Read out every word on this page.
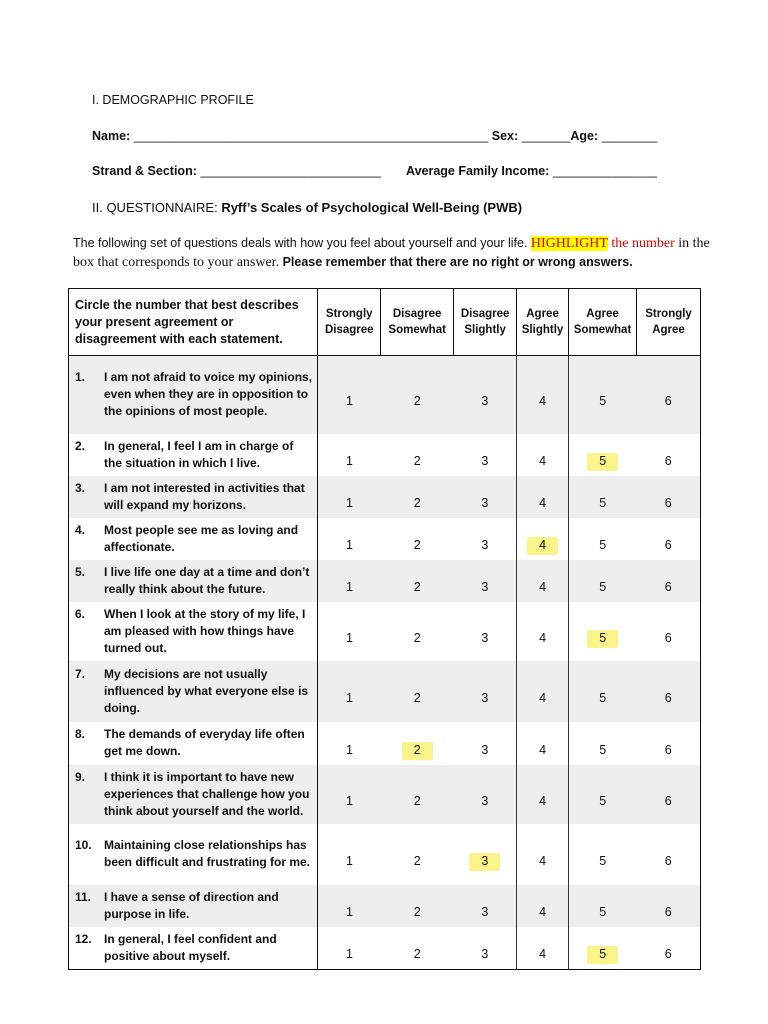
I. DEMOGRAPHIC PROFILE
Name: ___________________________________________________ Sex: _______Age: ________
Strand & Section: __________________________ Average Family Income: _______________
II. QUESTIONNAIRE: Ryff’s Scales of Psychological Well-Being (PWB)
The following set of questions deals with how you feel about yourself and your life. HIGHLIGHT the number in the box that corresponds to your answer. Please remember that there are no right or wrong answers.
Circle the number that best describes your present agreement or disagreement with each statement.	Strongly Disagree	Disagree Somewhat	Disagree Slightly	Agree Slightly	Agree Somewhat	Strongly Agree

1. I am not afraid to voice my opinions, even when they are in opposition to the opinions of most people.	1	2	3	4	5	6

2. In general, I feel I am in charge of the situation in which I live.	1	2	3	4	5	6

3. I am not interested in activities that will expand my horizons.	1	2	3	4	5	6

4. Most people see me as loving and affectionate.	1	2	3	4	5	6

5. I live life one day at a time and don’t really think about the future.	1	2	3	4	5	6

6. When I look at the story of my life, I am pleased with how things have turned out.	1	2	3	4	5	6

7. My decisions are not usually influenced by what everyone else is doing.	1	2	3	4	5	6

8. The demands of everyday life often get me down.	1	2	3	4	5	6

9. I think it is important to have new experiences that challenge how you think about yourself and the world.	1	2	3	4	5	6

10. Maintaining close relationships has been difficult and frustrating for me.	1	2	3	4	5	6

11. I have a sense of direction and purpose in life.	1	2	3	4	5	6

12. In general, I feel confident and positive about myself.	1	2	3	4	5	6
